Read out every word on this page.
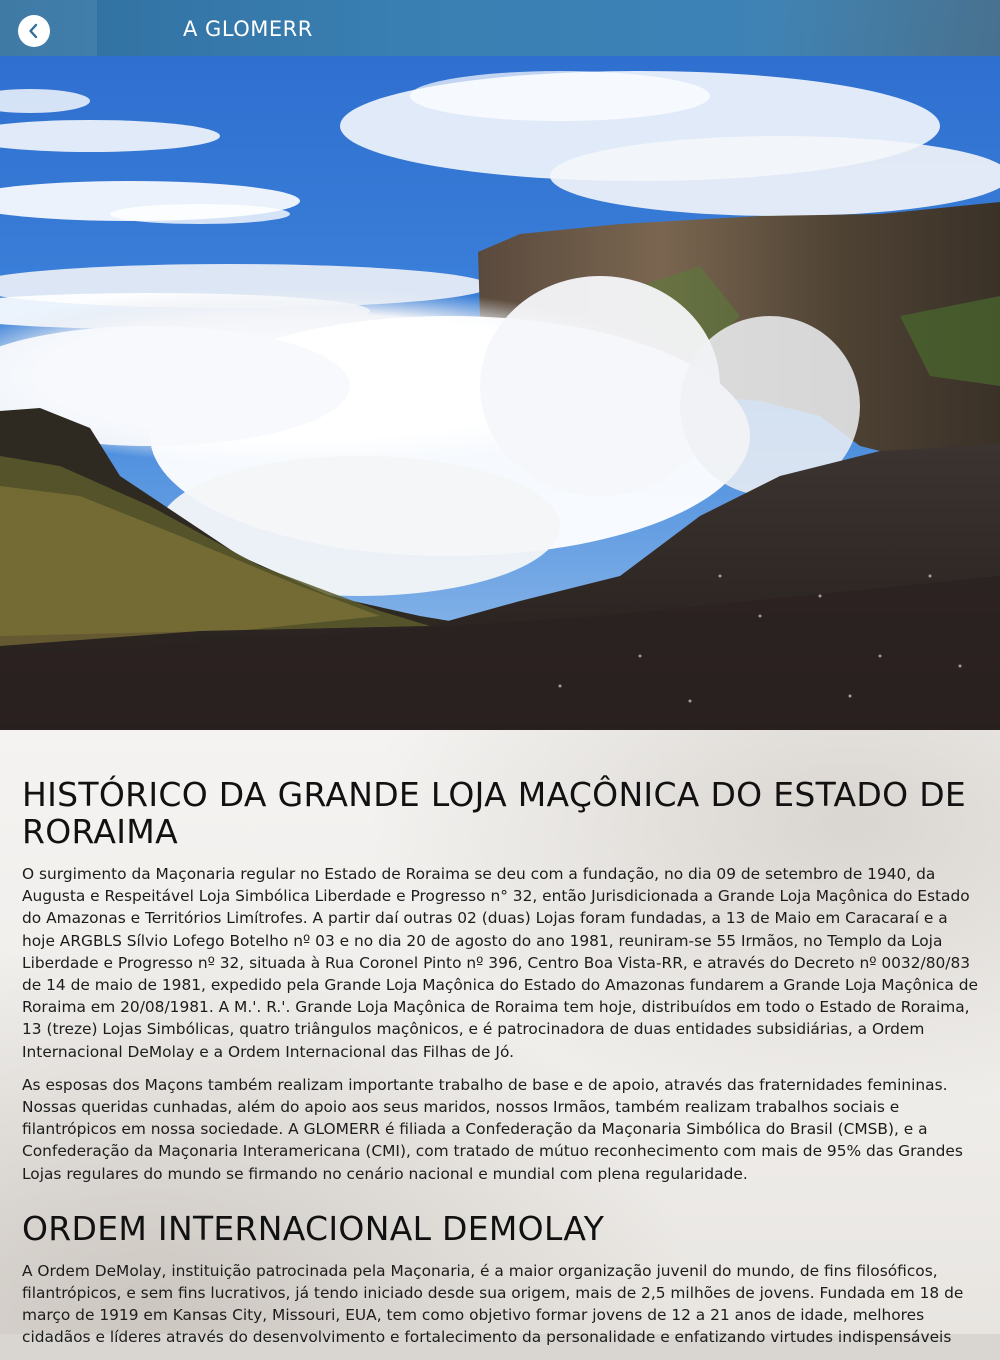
A GLOMERR
HISTÓRICO DA GRANDE LOJA MAÇÔNICA DO ESTADO DE RORAIMA

O surgimento da Maçonaria regular no Estado de Roraima se deu com a fundação, no dia 09 de setembro de 1940, da Augusta e Respeitável Loja Simbólica Liberdade e Progresso n° 32, então Jurisdicionada a Grande Loja Maçônica do Estado do Amazonas e Territórios Limítrofes. A partir daí outras 02 (duas) Lojas foram fundadas, a 13 de Maio em Caracaraí e a hoje ARGBLS Sílvio Lofego Botelho nº 03 e no dia 20 de agosto do ano 1981, reuniram-se 55 Irmãos, no Templo da Loja Liberdade e Progresso nº 32, situada à Rua Coronel Pinto nº 396, Centro Boa Vista-RR, e através do Decreto nº 0032/80/83 de 14 de maio de 1981, expedido pela Grande Loja Maçônica do Estado do Amazonas fundarem a Grande Loja Maçônica de Roraima em 20/08/1981. A M.'. R.'. Grande Loja Maçônica de Roraima tem hoje, distribuídos em todo o Estado de Roraima, 13 (treze) Lojas Simbólicas, quatro triângulos maçônicos, e é patrocinadora de duas entidades subsidiárias, a Ordem Internacional DeMolay e a Ordem Internacional das Filhas de Jó.

As esposas dos Maçons também realizam importante trabalho de base e de apoio, através das fraternidades femininas. Nossas queridas cunhadas, além do apoio aos seus maridos, nossos Irmãos, também realizam trabalhos sociais e filantrópicos em nossa sociedade. A GLOMERR é filiada a Confederação da Maçonaria Simbólica do Brasil (CMSB), e a Confederação da Maçonaria Interamericana (CMI), com tratado de mútuo reconhecimento com mais de 95% das Grandes Lojas regulares do mundo se firmando no cenário nacional e mundial com plena regularidade.

ORDEM INTERNACIONAL DEMOLAY

A Ordem DeMolay, instituição patrocinada pela Maçonaria, é a maior organização juvenil do mundo, de fins filosóficos, filantrópicos, e sem fins lucrativos, já tendo iniciado desde sua origem, mais de 2,5 milhões de jovens. Fundada em 18 de março de 1919 em Kansas City, Missouri, EUA, tem como objetivo formar jovens de 12 a 21 anos de idade, melhores cidadãos e líderes através do desenvolvimento e fortalecimento da personalidade e enfatizando virtudes indispensáveis
